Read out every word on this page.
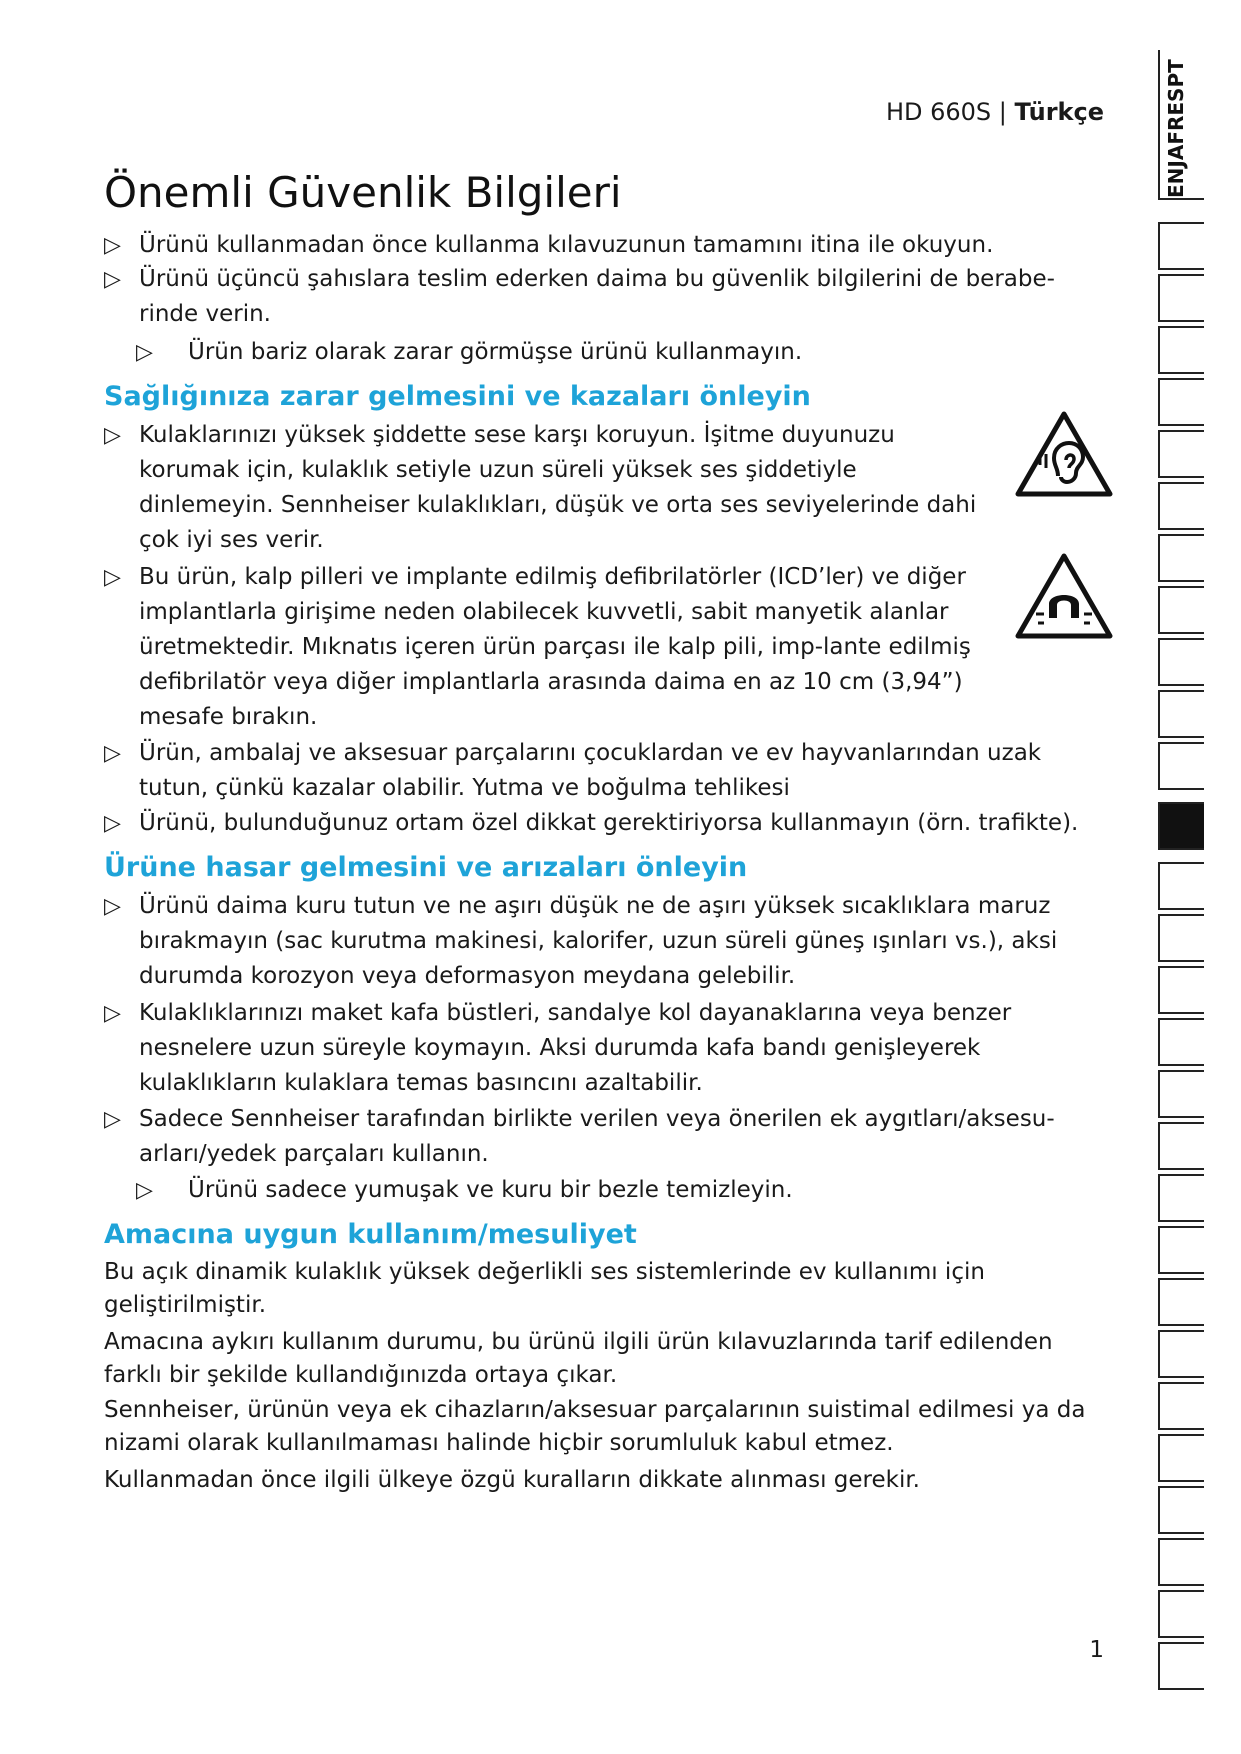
HD 660S | Türkçe
Önemli Güvenlik Bilgileri
▷ Ürünü kullanmadan önce kullanma kılavuzunun tamamını itina ile okuyun.
▷ Ürünü üçüncü şahıslara teslim ederken daima bu güvenlik bilgilerini de berabe-rinde verin.
▷ Ürün bariz olarak zarar görmüşse ürünü kullanmayın.
Sağlığınıza zarar gelmesini ve kazaları önleyin
▷ Kulaklarınızı yüksek şiddette sese karşı koruyun. İşitme duyunuzu korumak için, kulaklık setiyle uzun süreli yüksek ses şiddetiyle dinlemeyin. Sennheiser kulaklıkları, düşük ve orta ses seviyelerinde dahi çok iyi ses verir.
▷ Bu ürün, kalp pilleri ve implante edilmiş defibrilatörler (ICD’ler) ve diğer implantlarla girişime neden olabilecek kuvvetli, sabit manyetik alanlar üretmektedir. Mıknatıs içeren ürün parçası ile kalp pili, imp-lante edilmiş defibrilatör veya diğer implantlarla arasında daima en az 10 cm (3,94”) mesafe bırakın.
▷ Ürün, ambalaj ve aksesuar parçalarını çocuklardan ve ev hayvanlarından uzak tutun, çünkü kazalar olabilir. Yutma ve boğulma tehlikesi
▷ Ürünü, bulunduğunuz ortam özel dikkat gerektiriyorsa kullanmayın (örn. trafikte).
Ürüne hasar gelmesini ve arızaları önleyin
▷ Ürünü daima kuru tutun ve ne aşırı düşük ne de aşırı yüksek sıcaklıklara maruz bırakmayın (sac kurutma makinesi, kalorifer, uzun süreli güneş ışınları vs.), aksi durumda korozyon veya deformasyon meydana gelebilir.
▷ Kulaklıklarınızı maket kafa büstleri, sandalye kol dayanaklarına veya benzer nesnelere uzun süreyle koymayın. Aksi durumda kafa bandı genişleyerek kulaklıkların kulaklara temas basıncını azaltabilir.
▷ Sadece Sennheiser tarafından birlikte verilen veya önerilen ek aygıtları/aksesu-arları/yedek parçaları kullanın.
▷ Ürünü sadece yumuşak ve kuru bir bezle temizleyin.
Amacına uygun kullanım/mesuliyet

Bu açık dinamik kulaklık yüksek değerlikli ses sistemlerinde ev kullanımı için geliştirilmiştir.

Amacına aykırı kullanım durumu, bu ürünü ilgili ürün kılavuzlarında tarif edilenden farklı bir şekilde kullandığınızda ortaya çıkar.

Sennheiser, ürünün veya ek cihazların/aksesuar parçalarının suistimal edilmesi ya da nizami olarak kullanılmaması halinde hiçbir sorumluluk kabul etmez.

Kullanmadan önce ilgili ülkeye özgü kuralların dikkate alınması gerekir.

ENJAFRESPT
1
